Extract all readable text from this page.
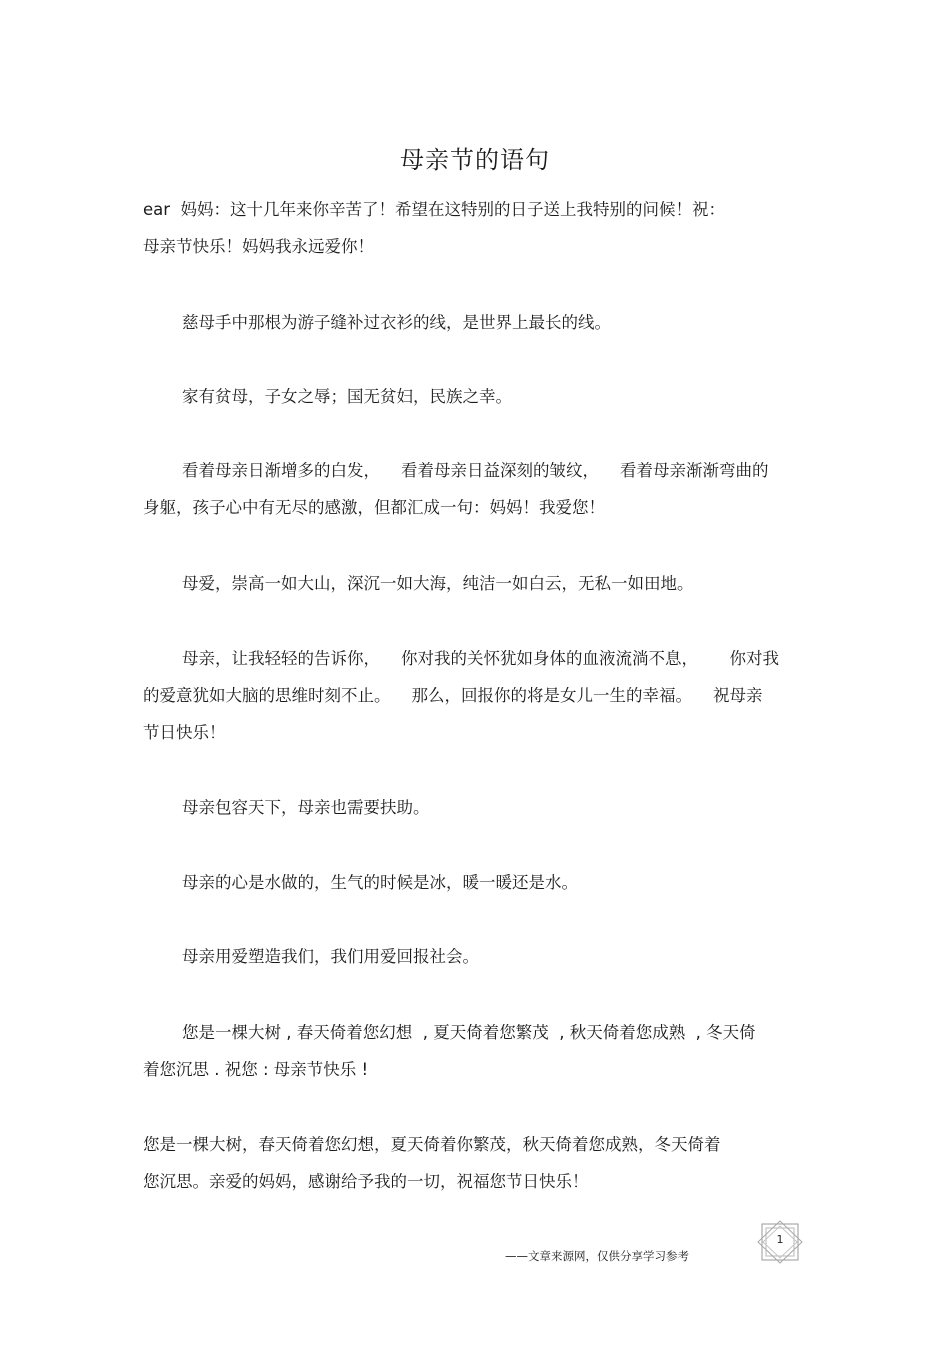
母亲节的语句
ear  妈妈：这十几年来你辛苦了！希望在这特别的日子送上我特别的问候！祝：
母亲节快乐！妈妈我永远爱你！
慈母手中那根为游子缝补过衣衫的线，是世界上最长的线。
家有贫母，子女之辱；国无贫妇，民族之幸。
看着母亲日渐增多的白发，    看着母亲日益深刻的皱纹，    看着母亲渐渐弯曲的
身躯，孩子心中有无尽的感激，但都汇成一句：妈妈！我爱您！
母爱，崇高一如大山，深沉一如大海，纯洁一如白云，无私一如田地。
母亲，让我轻轻的告诉你，    你对我的关怀犹如身体的血液流淌不息，      你对我
的爱意犹如大脑的思维时刻不止。    那么，回报你的将是女儿一生的幸福。    祝母亲
节日快乐！
母亲包容天下，母亲也需要扶助。
母亲的心是水做的，生气的时候是冰，暖一暖还是水。
母亲用爱塑造我们，我们用爱回报社会。
您是一棵大树 , 春天倚着您幻想  , 夏天倚着您繁茂  , 秋天倚着您成熟  , 冬天倚
着您沉思 . 祝您 : 母亲节快乐 !
您是一棵大树，春天倚着您幻想，夏天倚着你繁茂，秋天倚着您成熟，冬天倚着
您沉思。亲爱的妈妈，感谢给予我的一切，祝福您节日快乐！
1
——文章来源网，仅供分享学习参考
